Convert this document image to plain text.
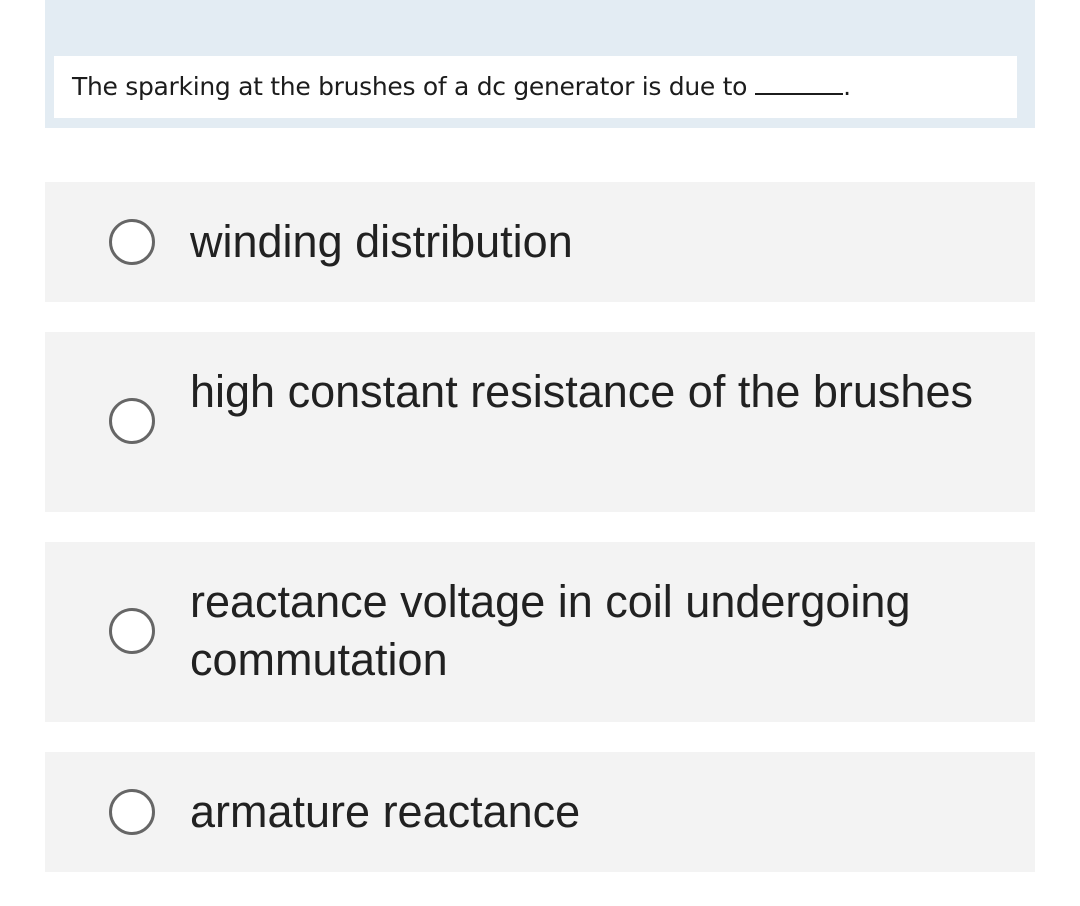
The sparking at the brushes of a dc generator is due to	.
winding distribution
high constant resistance of the brushes
reactance voltage in coil undergoing commutation
armature reactance
